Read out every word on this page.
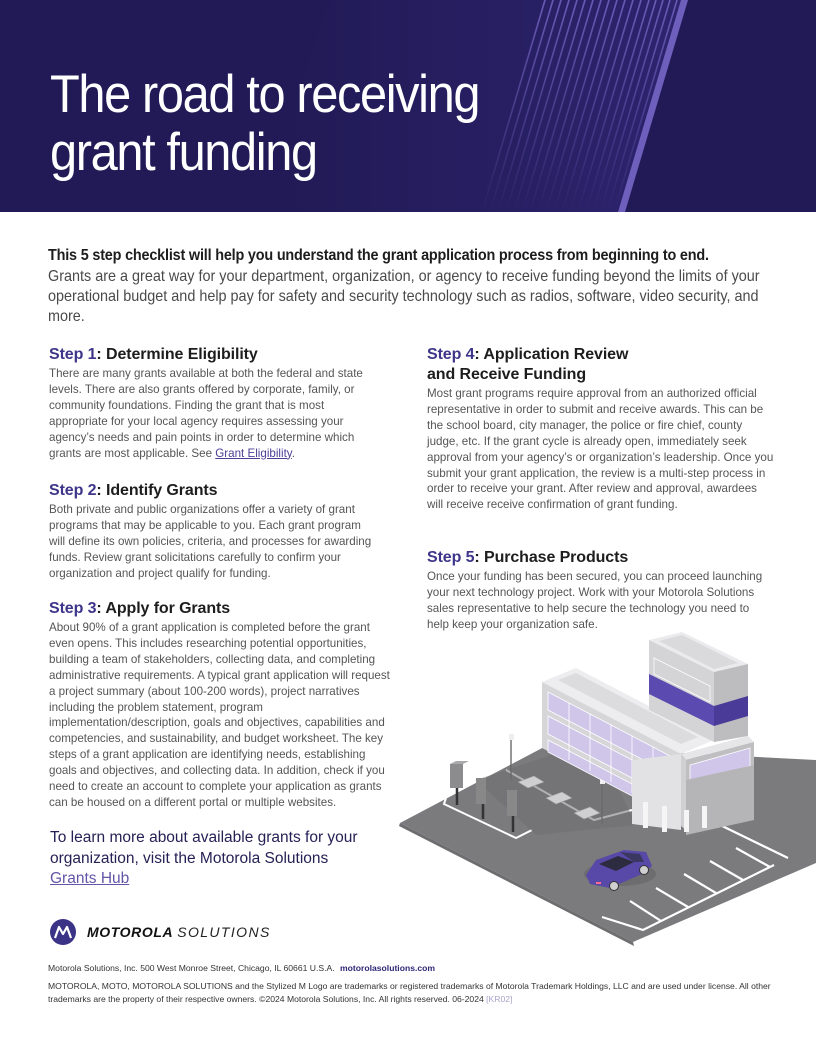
The road to receiving
grant funding

This 5 step checklist will help you understand the grant application process from beginning to end.

Grants are a great way for your department, organization, or agency to receive funding beyond the limits of your operational budget and help pay for safety and security technology such as radios, software, video security, and more.

Step 1: Determine Eligibility

There are many grants available at both the federal and state levels. There are also grants offered by corporate, family, or community foundations. Finding the grant that is most appropriate for your local agency requires assessing your agency’s needs and pain points in order to determine which grants are most applicable. See Grant Eligibility.

Step 2: Identify Grants

Both private and public organizations offer a variety of grant programs that may be applicable to you. Each grant program will define its own policies, criteria, and processes for awarding funds. Review grant solicitations carefully to confirm your organization and project qualify for funding.

Step 3: Apply for Grants

About 90% of a grant application is completed before the grant even opens. This includes researching potential opportunities, building a team of stakeholders, collecting data, and completing administrative requirements. A typical grant application will request a project summary (about 100-200 words), project narratives including the problem statement, program implementation/description, goals and objectives, capabilities and competencies, and sustainability, and budget worksheet. The key steps of a grant application are identifying needs, establishing goals and objectives, and collecting data. In addition, check if you need to create an account to complete your application as grants can be housed on a different portal or multiple websites.

Step 4: Application Review
and Receive Funding

Most grant programs require approval from an authorized official representative in order to submit and receive awards. This can be the school board, city manager, the police or fire chief, county judge, etc. If the grant cycle is already open, immediately seek approval from your agency’s or organization’s leadership. Once you submit your grant application, the review is a multi-step process in order to receive your grant. After review and approval, awardees will receive receive confirmation of grant funding.

Step 5: Purchase Products

Once your funding has been secured, you can proceed launching your next technology project. Work with your Motorola Solutions sales representative to help secure the technology you need to help keep your organization safe.

To learn more about available grants for your organization, visit the Motorola Solutions
Grants Hub
MOTOROLA SOLUTIONS
Motorola Solutions, Inc. 500 West Monroe Street, Chicago, IL 60661 U.S.A. motorolasolutions.com
MOTOROLA, MOTO, MOTOROLA SOLUTIONS and the Stylized M Logo are trademarks or registered trademarks of Motorola Trademark Holdings, LLC and are used under license. All other trademarks are the property of their respective owners. ©2024 Motorola Solutions, Inc. All rights reserved. 06-2024 [KR02]
